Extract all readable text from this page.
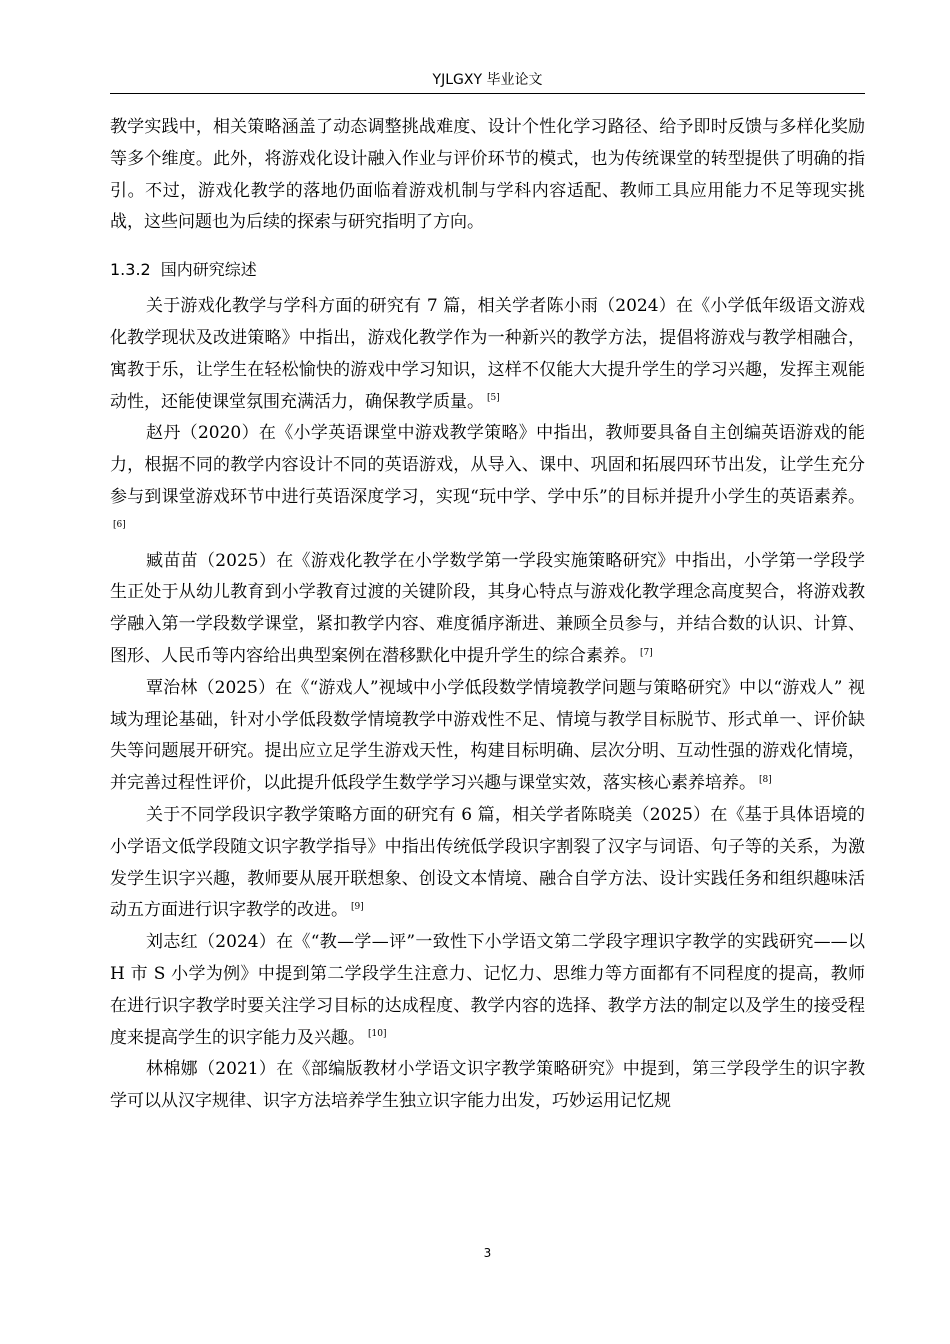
YJLGXY 毕业论文

教学实践中，相关策略涵盖了动态调整挑战难度、设计个性化学习路径、给予即时反馈与多样化奖励等多个维度。此外，将游戏化设计融入作业与评价环节的模式，也为传统课堂的转型提供了明确的指引。不过，游戏化教学的落地仍面临着游戏机制与学科内容适配、教师工具应用能力不足等现实挑战，这些问题也为后续的探索与研究指明了方向。

1.3.2 国内研究综述

关于游戏化教学与学科方面的研究有 7 篇，相关学者陈小雨（2024）在《小学低年级语文游戏化教学现状及改进策略》中指出，游戏化教学作为一种新兴的教学方法，提倡将游戏与教学相融合，寓教于乐，让学生在轻松愉快的游戏中学习知识，这样不仅能大大提升学生的学习兴趣，发挥主观能动性，还能使课堂氛围充满活力，确保教学质量。 [5]

赵丹（2020）在《小学英语课堂中游戏教学策略》中指出，教师要具备自主创编英语游戏的能力，根据不同的教学内容设计不同的英语游戏，从导入、课中、巩固和拓展四环节出发，让学生充分参与到课堂游戏环节中进行英语深度学习，实现“玩中学、学中乐”的目标并提升小学生的英语素养。[6]

臧苗苗（2025）在《游戏化教学在小学数学第一学段实施策略研究》中指出，小学第一学段学生正处于从幼儿教育到小学教育过渡的关键阶段，其身心特点与游戏化教学理念高度契合，将游戏教学融入第一学段数学课堂，紧扣教学内容、难度循序渐进、兼顾全员参与，并结合数的认识、计算、图形、人民币等内容给出典型案例在潜移默化中提升学生的综合素养。 [7]

覃治林（2025）在《“游戏人”视域中小学低段数学情境教学问题与策略研究》中以“游戏人” 视域为理论基础，针对小学低段数学情境教学中游戏性不足、情境与教学目标脱节、形式单一、评价缺失等问题展开研究。提出应立足学生游戏天性，构建目标明确、层次分明、互动性强的游戏化情境，并完善过程性评价，以此提升低段学生数学学习兴趣与课堂实效，落实核心素养培养。 [8]

关于不同学段识字教学策略方面的研究有 6 篇，相关学者陈晓美（2025）在《基于具体语境的小学语文低学段随文识字教学指导》中指出传统低学段识字割裂了汉字与词语、句子等的关系，为激发学生识字兴趣，教师要从展开联想象、创设文本情境、融合自学方法、设计实践任务和组织趣味活动五方面进行识字教学的改进。 [9]

刘志红（2024）在《“教—学—评”一致性下小学语文第二学段字理识字教学的实践研究——以 H 市 S 小学为例》中提到第二学段学生注意力、记忆力、思维力等方面都有不同程度的提高，教师在进行识字教学时要关注学习目标的达成程度、教学内容的选择、教学方法的制定以及学生的接受程度来提高学生的识字能力及兴趣。 [10]

林棉娜（2021）在《部编版教材小学语文识字教学策略研究》中提到，第三学段学生的识字教学可以从汉字规律、识字方法培养学生独立识字能力出发，巧妙运用记忆规

3
